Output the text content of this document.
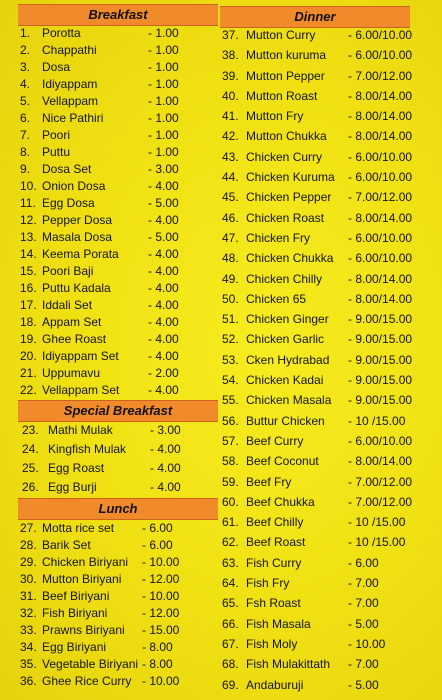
Breakfast
1. Porotta	- 1.00
2. Chappathi	- 1.00
3. Dosa	- 1.00
4. Idiyappam	- 1.00
5. Vellappam	- 1.00
6. Nice Pathiri	- 1.00
7. Poori	- 1.00
8. Puttu	- 1.00
9. Dosa Set	- 3.00
10. Onion Dosa	- 4.00
11. Egg Dosa	- 5.00
12. Pepper Dosa	- 4.00
13. Masala Dosa	- 5.00
14. Keema Porata - 4.00
15. Poori Baji	- 4.00
16. Puttu Kadala	- 4.00
17. Iddali Set	- 4.00
18. Appam Set	- 4.00
19. Ghee Roast	- 4.00
20. Idiyappam Set - 4.00
21. Uppumavu	- 2.00
22. Vellappam Set - 4.00
Special Breakfast
23. Mathi Mulak	- 3.00
24. Kingfish Mulak - 4.00
25. Egg Roast	- 4.00
26. Egg Burji	- 4.00
Lunch
27. Motta rice set - 6.00
28. Barik Set	- 6.00
29. Chicken Biriyani - 10.00
30. Mutton Biriyani - 12.00
31. Beef Biriyani	- 10.00
32. Fish Biriyani	- 12.00
33. Prawns Biriyani - 15.00
34. Egg Biriyani	- 8.00
35. Vegetable Biriyani - 8.00
36. Ghee Rice Curry - 10.00
Dinner
37. Mutton Curry	- 6.00/10.00
38. Mutton kuruma - 6.00/10.00
39. Mutton Pepper - 7.00/12.00
40. Mutton Roast	- 8.00/14.00
41. Mutton Fry	- 8.00/14.00
42. Mutton Chukka - 8.00/14.00
43. Chicken Curry - 6.00/10.00
44. Chicken Kuruma - 6.00/10.00
45. Chicken Pepper - 7.00/12.00
46. Chicken Roast - 8.00/14.00
47. Chicken Fry	- 6.00/10.00
48. Chicken Chukka - 6.00/10.00
49. Chicken Chilly - 8.00/14.00
50. Chicken 65	- 8.00/14.00
51. Chicken Ginger - 9.00/15.00
52. Chicken Garlic - 9.00/15.00
53. Cken Hydrabad - 9.00/15.00
54. Chicken Kadai - 9.00/15.00
55. Chicken Masala - 9.00/15.00
56. Buttur Chicken - 10 /15.00
57. Beef Curry	- 6.00/10.00
58. Beef Coconut - 8.00/14.00
59. Beef Fry	- 7.00/12.00
60. Beef Chukka	- 7.00/12.00
61. Beef Chilly	- 10 /15.00
62. Beef Roast	- 10 /15.00
63. Fish Curry	- 6.00
64. Fish Fry	- 7.00
65. Fsh Roast	- 7.00
66. Fish Masala	- 5.00
67. Fish Moly	- 10.00
68. Fish Mulakittath - 7.00
69. Andaburuji	- 5.00
